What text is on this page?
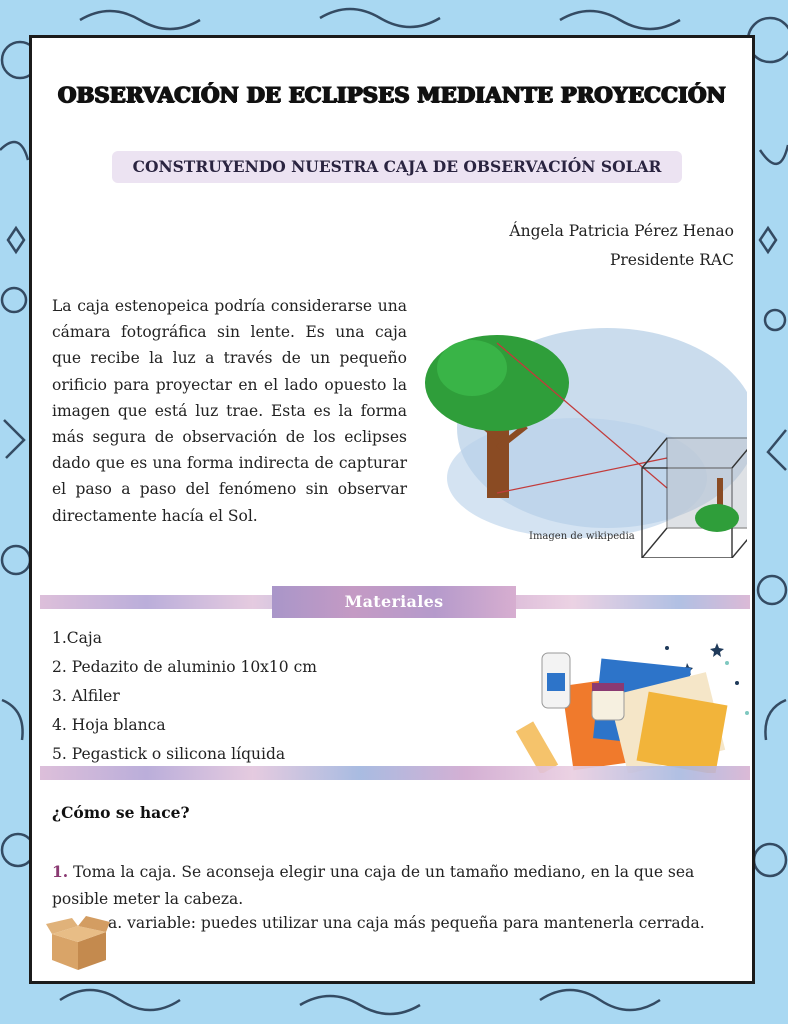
OBSERVACIÓN DE ECLIPSES MEDIANTE PROYECCIÓN
CONSTRUYENDO NUESTRA CAJA DE OBSERVACIÓN SOLAR
Ángela Patricia Pérez Henao
Presidente RAC
La caja estenopeica podría considerarse una cámara fotográfica sin lente. Es una caja que recibe la luz a través de un pequeño orificio para proyectar en el lado opuesto la imagen que está luz trae. Esta es la forma más segura de observación de los eclipses dado que es una forma indirecta de capturar el paso a paso del fenómeno sin observar directamente hacía el Sol.
Imagen de wikipedia
Materiales
1.Caja
2. Pedazito de aluminio 10x10 cm
3. Alfiler
4. Hoja blanca
5. Pegastick o silicona líquida
¿Cómo se hace?
1. Toma la caja. Se aconseja elegir una caja de un tamaño mediano, en la que sea posible meter la cabeza.
a. variable: puedes utilizar una caja más pequeña para mantenerla cerrada.
